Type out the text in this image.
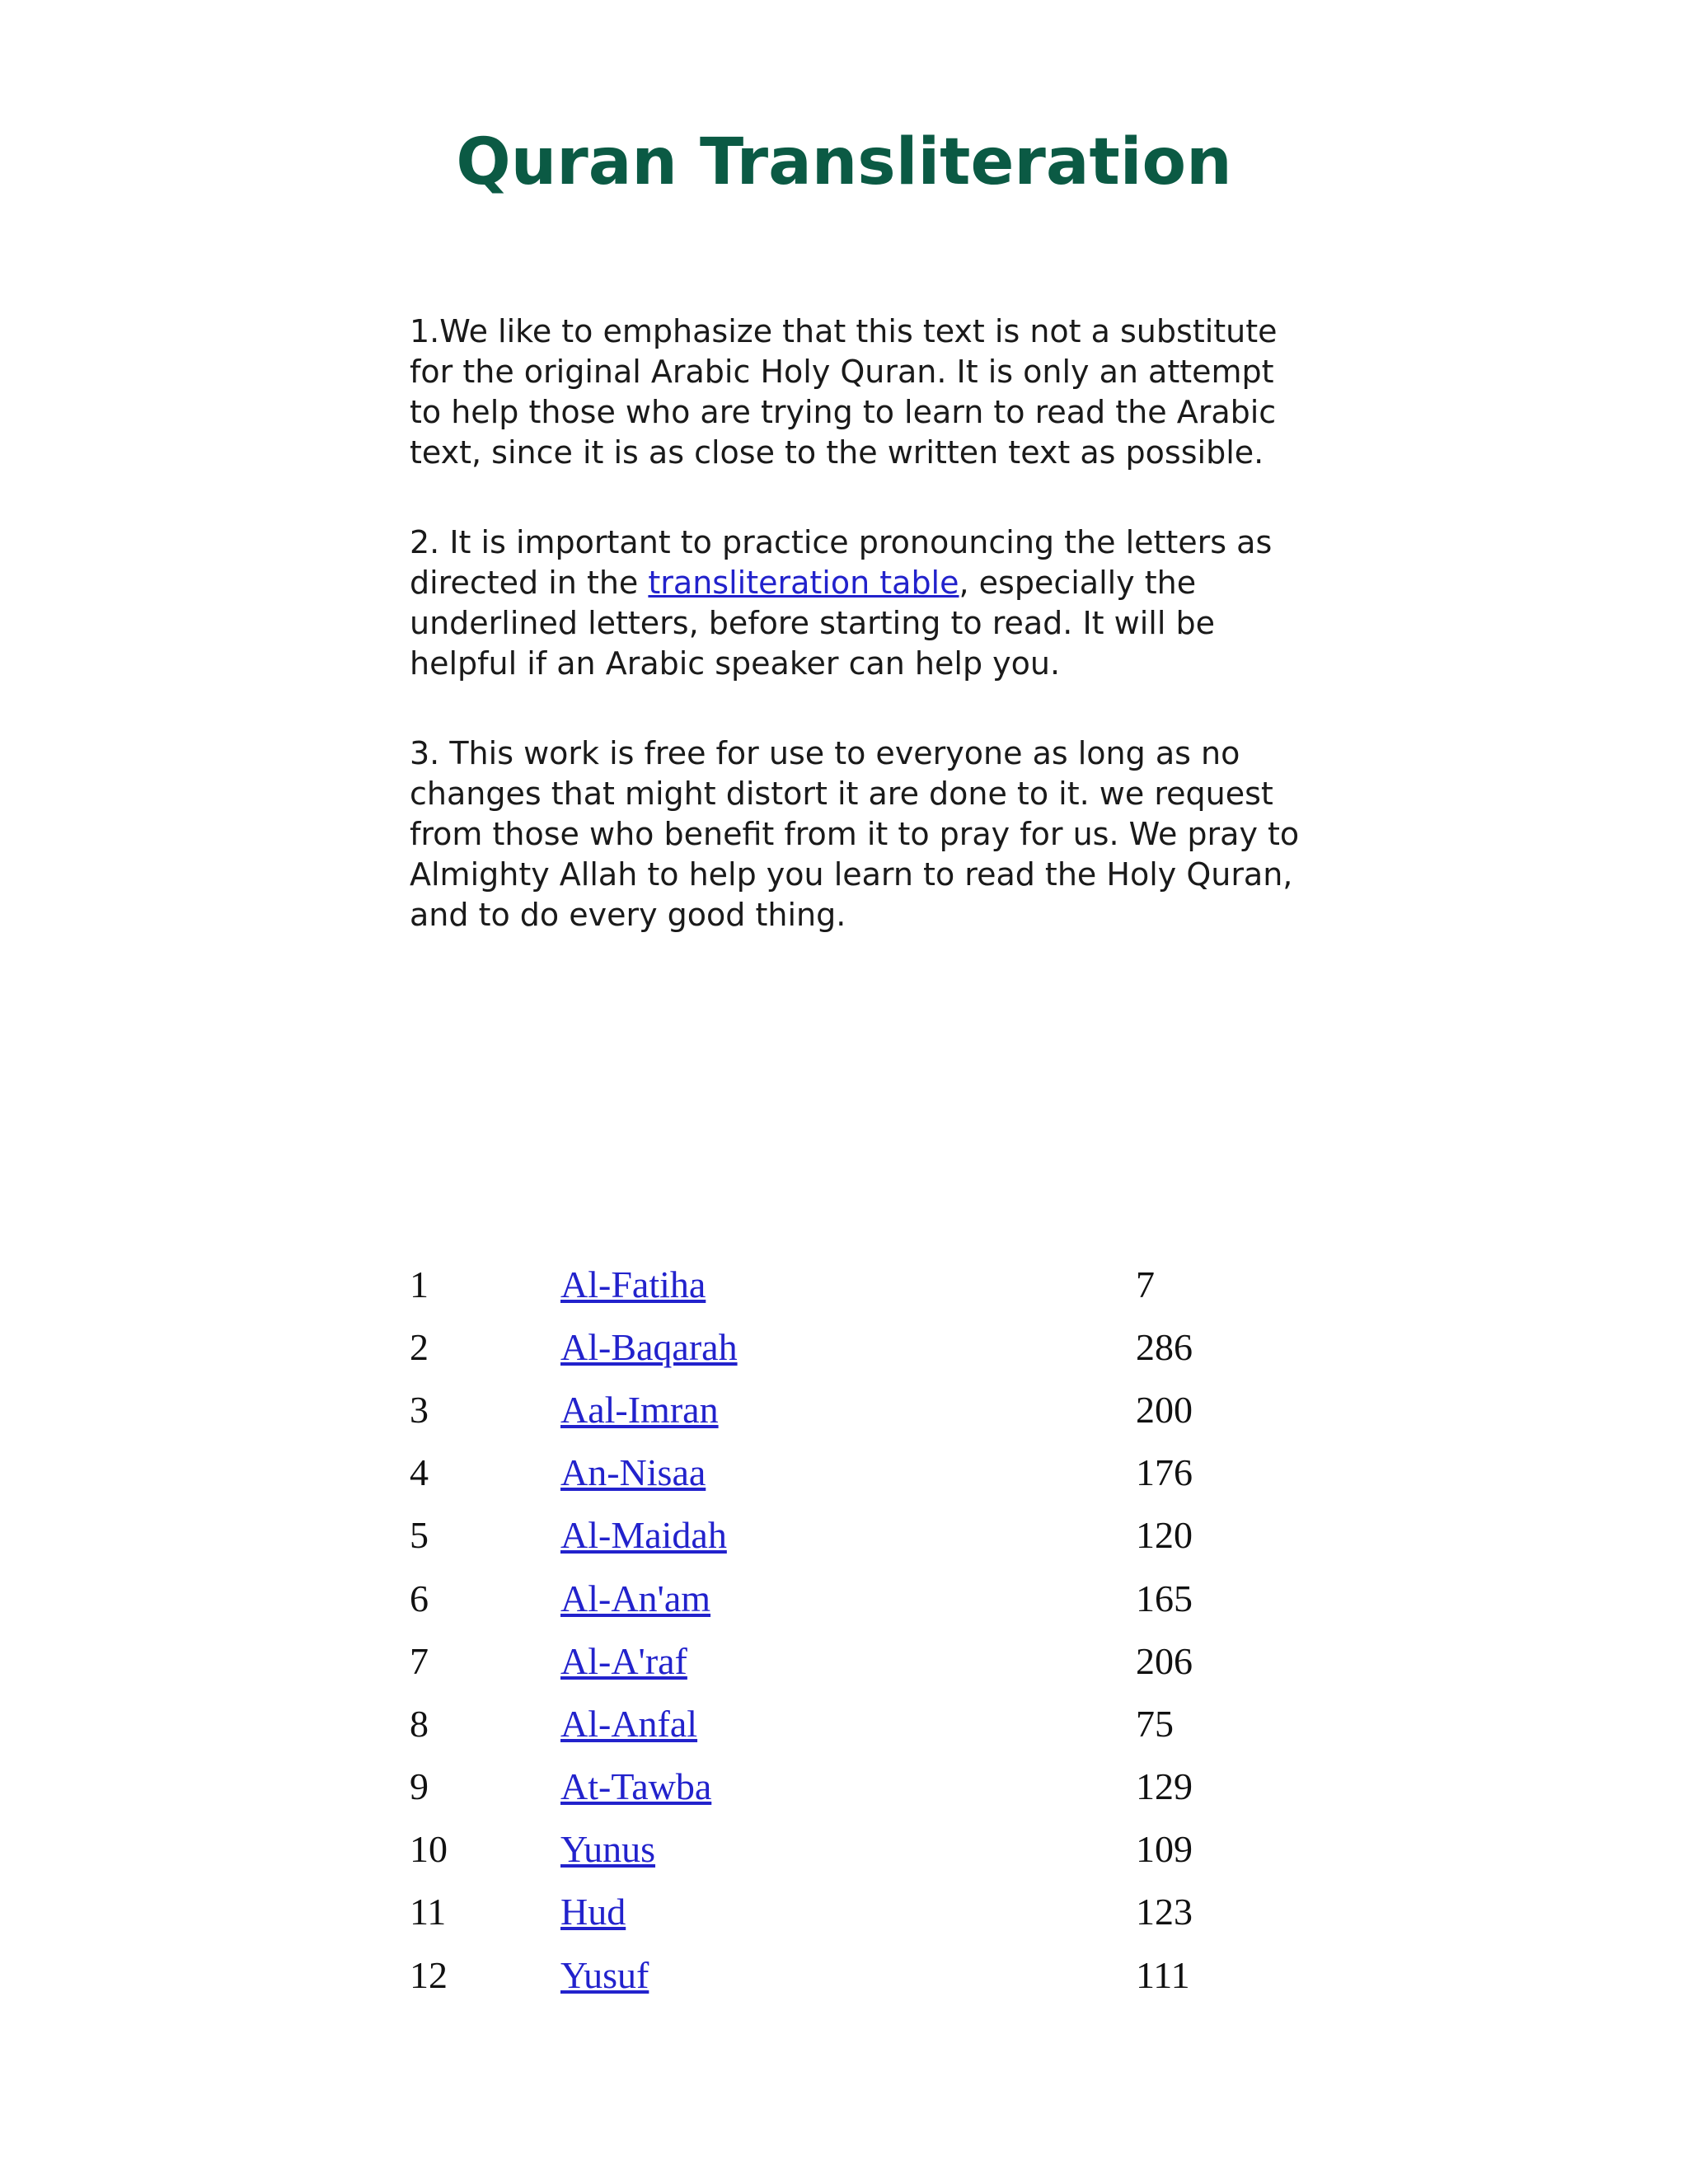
Quran Transliteration

1.We like to emphasize that this text is not a substitute for the original Arabic Holy Quran. It is only an attempt to help those who are trying to learn to read the Arabic text, since it is as close to the written text as possible.

2. It is important to practice pronouncing the letters as directed in the transliteration table, especially the underlined letters, before starting to read. It will be helpful if an Arabic speaker can help you.

3. This work is free for use to everyone as long as no changes that might distort it are done to it. we request from those who benefit from it to pray for us. We pray to Almighty Allah to help you learn to read the Holy Quran, and to do every good thing.

1	Al-Fatiha	7
2	Al-Baqarah	286
3	Aal-Imran	200
4	An-Nisaa	176
5	Al-Maidah	120
6	Al-An'am	165
7	Al-A'raf	206
8	Al-Anfal	75
9	At-Tawba	129
10	Yunus	109
11	Hud	123
12	Yusuf	111
